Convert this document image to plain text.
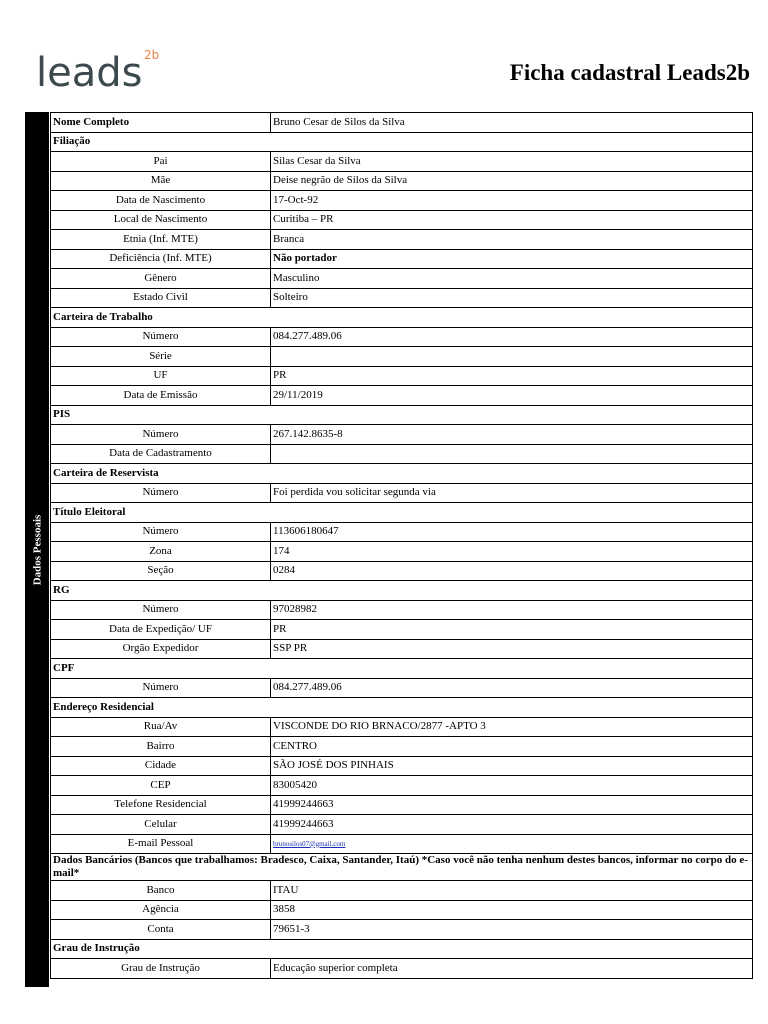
leads 2b
Ficha cadastral Leads2b
Dados Pessoais
Nome Completo	Bruno Cesar de Silos da Silva
Filiação	
Pai	Silas Cesar da Silva
Mãe	Deise negrão de Silos da Silva
Data de Nascimento	17-Oct-92
Local de Nascimento	Curitiba – PR
Etnia (Inf. MTE)	Branca
Deficiência (Inf. MTE)	Não portador
Gênero	Masculino
Estado Civil	Solteiro
Carteira de Trabalho	
Número	084.277.489.06
Série	
UF	PR
Data de Emissão	29/11/2019
PIS	
Número	267.142.8635-8
Data de Cadastramento	
Carteira de Reservista	
Número	Foi perdida vou solicitar segunda via
Título Eleitoral	
Número	113606180647
Zona	174
Seção	0284
RG	
Número	97028982
Data de Expedição/ UF	PR
Orgão Expedidor	SSP PR
CPF	
Número	084.277.489.06
Endereço Residencial	
Rua/Av	VISCONDE DO RIO BRNACO/2877 -APTO 3
Bairro	CENTRO
Cidade	SÃO JOSÉ DOS PINHAIS
CEP	83005420
Telefone Residencial	41999244663
Celular	41999244663
E-mail Pessoal	brunosilos07@gmail.com
Dados Bancários (Bancos que trabalhamos: Bradesco, Caixa, Santander, Itaú) *Caso você não tenha nenhum destes bancos, informar no corpo do e-mail*	
Banco	ITAU
Agência	3858
Conta	79651-3
Grau de Instrução	
Grau de Instrução	Educação superior completa
